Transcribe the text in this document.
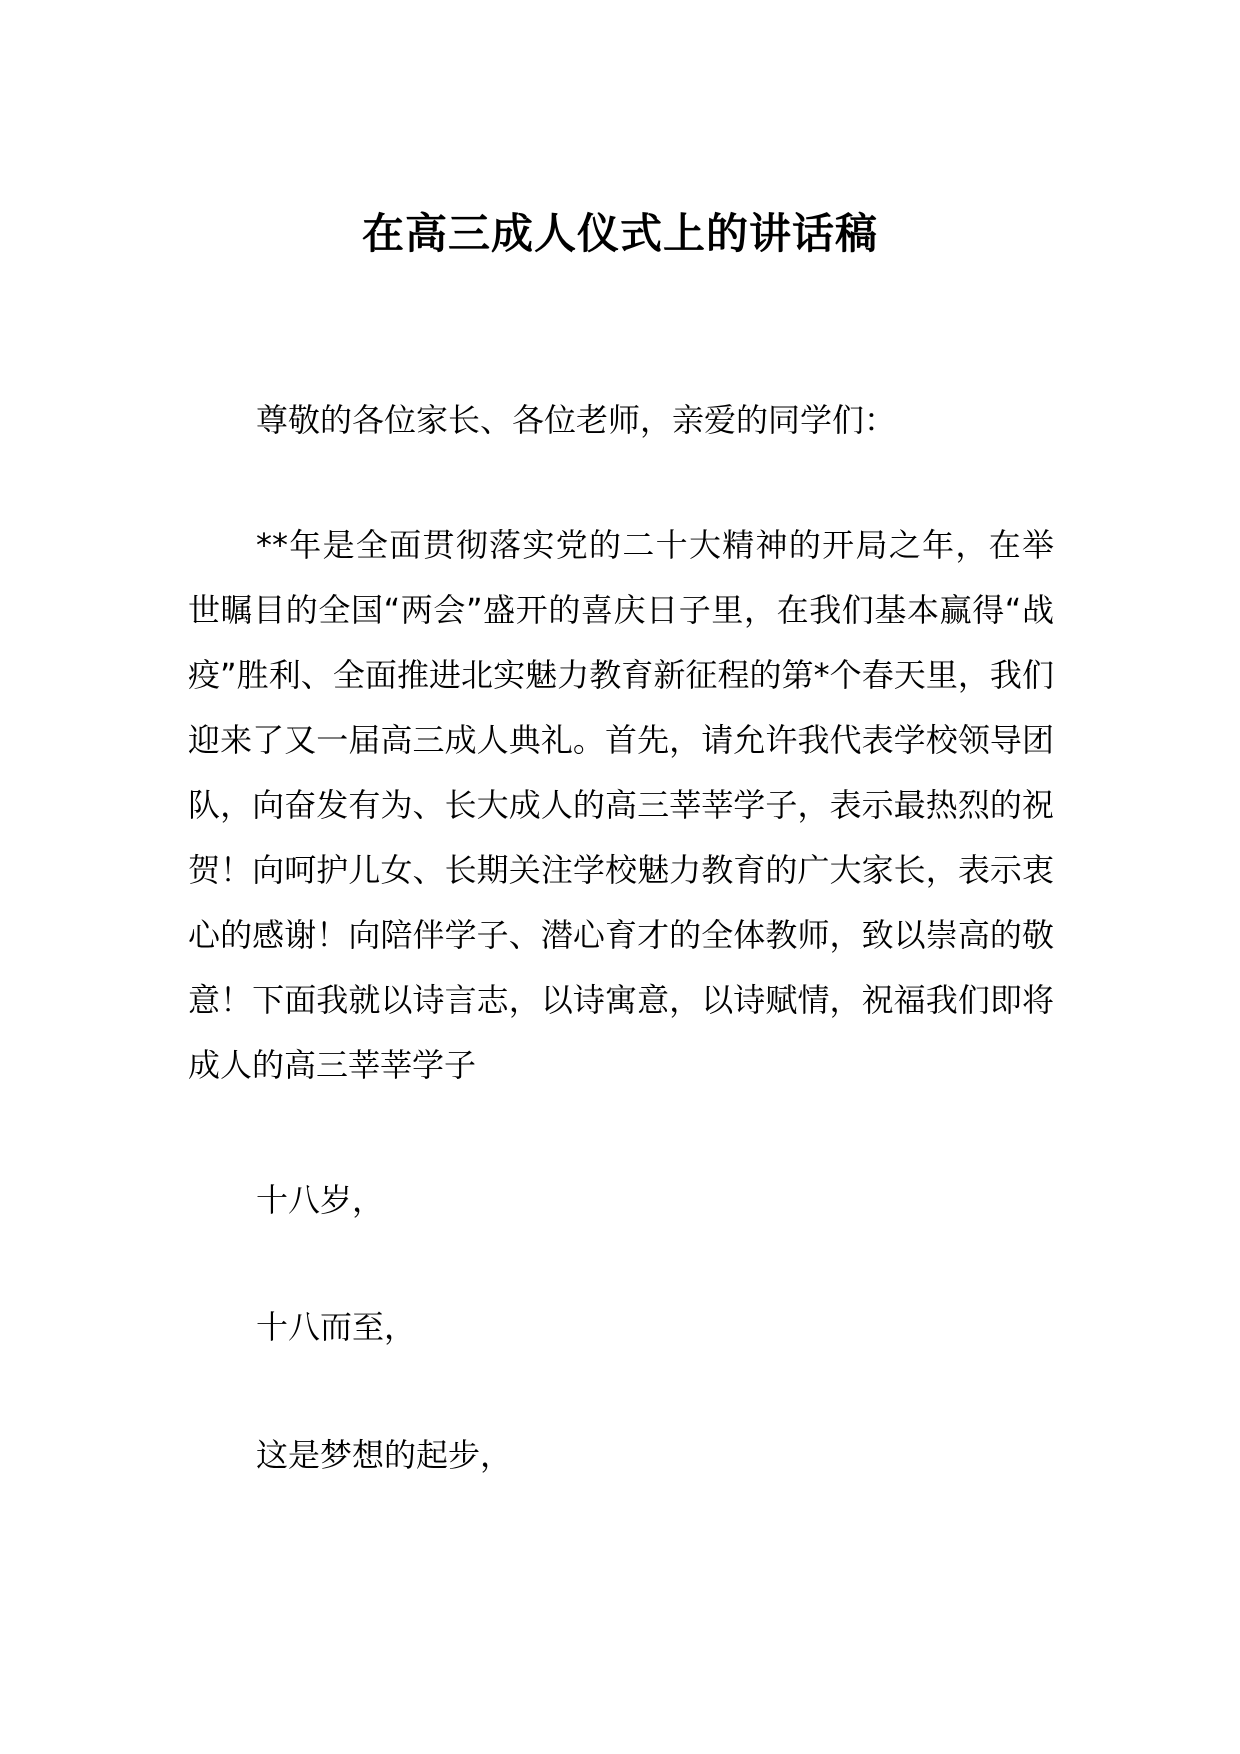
在高三成人仪式上的讲话稿

尊敬的各位家长、各位老师，亲爱的同学们：

**年是全面贯彻落实党的二十大精神的开局之年，在举世瞩目的全国“两会”盛开的喜庆日子里，在我们基本赢得“战疫”胜利、全面推进北实魅力教育新征程的第*个春天里，我们迎来了又一届高三成人典礼。首先，请允许我代表学校领导团队，向奋发有为、长大成人的高三莘莘学子，表示最热烈的祝贺！向呵护儿女、长期关注学校魅力教育的广大家长，表示衷心的感谢！向陪伴学子、潜心育才的全体教师，致以崇高的敬意！下面我就以诗言志，以诗寓意，以诗赋情，祝福我们即将成人的高三莘莘学子

十八岁，

十八而至，

这是梦想的起步，
